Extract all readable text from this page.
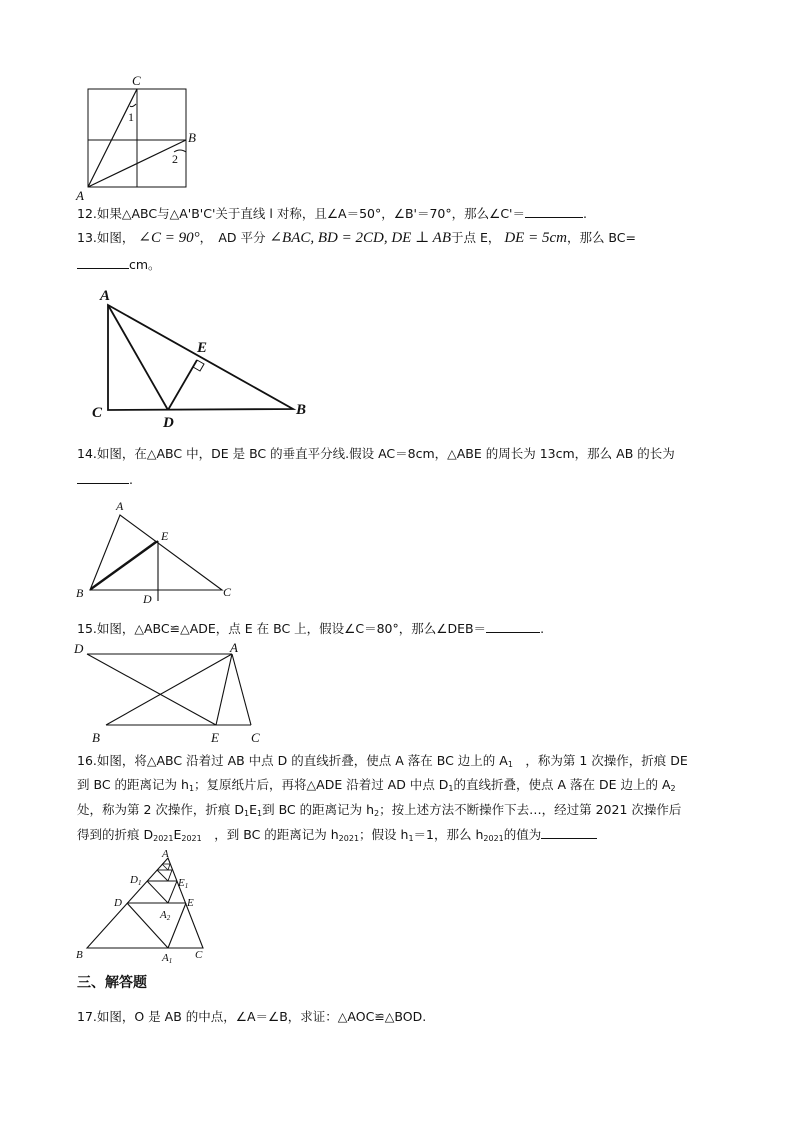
C
B
A
1
2
12.如果△ABC与△A'B'C'关于直线 l 对称，且∠A＝50°，∠B'＝70°，那么∠C'＝	.
13.如图， ∠C = 90°，　AD 平分 ∠BAC, BD = 2CD, DE ⊥ AB于点 E， DE = 5cm，那么 BC=
cm。
A
E
C
D
B
14.如图，在△ABC 中，DE 是 BC 的垂直平分线.假设 AC＝8cm，△ABE 的周长为 13cm，那么 AB 的长为
.
A
E
B	D	C
15.如图，△ABC≌△ADE，点 E 在 BC 上，假设∠C＝80°，那么∠DEB＝	.
D	A
B	E C
16.如图，将△ABC 沿着过 AB 中点 D 的直线折叠，使点 A 落在 BC 边上的 $A_1$　，称为第 1 次操作，折痕 DE
到 BC 的距离记为 $h_1$；复原纸片后，再将△ADE 沿着过 AD 中点 $D_1$的直线折叠，使点 A 落在 DE 边上的 $A_2$
处，称为第 2 次操作，折痕 $D_1E_1$到 BC 的距离记为 $h_2$；按上述方法不断操作下去…，经过第 2021 次操作后
得到的折痕 $D_{2021}E_{2021}$　，到 BC 的距离记为 $h_{2021}$；假设 $h_1=1$，那么 $h_{2021}$的值为
A
D1	E1
D	E
A2
B	A1 C
三、解答题
17.如图，O 是 AB 的中点，∠A＝∠B，求证：△AOC≌△BOD.
